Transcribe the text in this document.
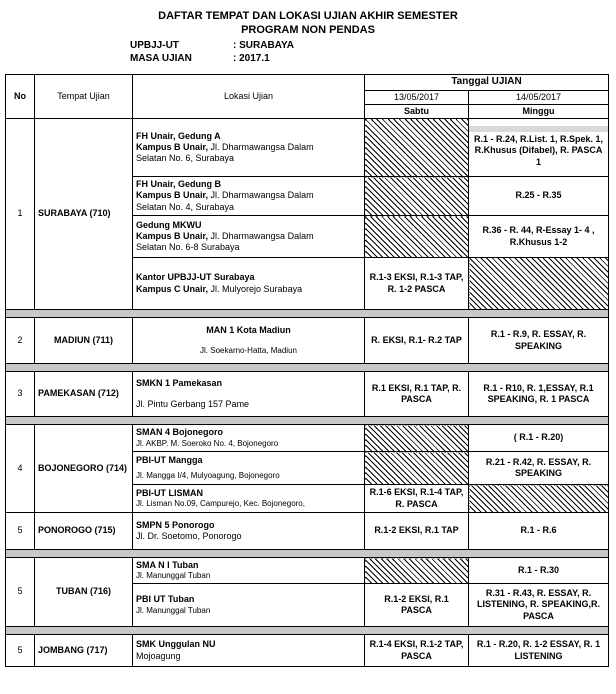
DAFTAR TEMPAT DAN LOKASI UJIAN AKHIR SEMESTER
PROGRAM NON PENDAS
UPBJJ-UT	: SURABAYA
MASA UJIAN	: 2017.1
No	Tempat Ujian	Lokasi Ujian	Tanggal UJIAN	
			13/05/2017	14/05/2017
			Sabtu	Minggu
1	SURABAYA (710)	FH Unair, Gedung A
Kampus B Unair, Jl. Dharmawangsa Dalam
Selatan No. 6, Surabaya		R.1 - R.24, R.List. 1, R.Spek. 1, R.Khusus (Difabel), R. PASCA 1

		FH Unair, Gedung B
Kampus B Unair, Jl. Dharmawangsa Dalam
Selatan No. 4, Surabaya		R.25 - R.35

		Gedung MKWU
Kampus B Unair, Jl. Dharmawangsa Dalam
Selatan No. 6-8 Surabaya		R.36 - R. 44, R-Essay 1- 4 , R.Khusus 1-2

		Kantor UPBJJ-UT Surabaya
Kampus C Unair, Jl. Mulyorejo Surabaya	R.1-3 EKSI, R.1-3 TAP, R. 1-2 PASCA	

2	MADIUN (711)	MAN 1 Kota Madiun
Jl. Soekarno-Hatta, Madiun	R. EKSI, R.1- R.2 TAP	R.1 - R.9, R. ESSAY, R. SPEAKING

3	PAMEKASAN (712)	SMKN 1 Pamekasan
Jl. Pintu Gerbang 157 Pame	R.1 EKSI, R.1 TAP, R. PASCA	R.1 - R10, R. 1,ESSAY, R.1 SPEAKING, R. 1 PASCA

4	BOJONEGORO (714)	SMAN 4 Bojonegoro
Jl. AKBP. M. Soeroko No. 4, Bojonegoro		( R.1 - R.20)

		PBI-UT Mangga
Jl. Mangga I/4, Mulyoagung, Bojonegoro		R.21 - R.42, R. ESSAY, R. SPEAKING

		PBI-UT LISMAN
Jl. Lisman No.09, Campurejo, Kec. Bojonegoro,	R.1-6 EKSI, R.1-4 TAP, R. PASCA	
5	PONOROGO (715)	SMPN 5 Ponorogo
Jl. Dr. Soetomo, Ponorogo	R.1-2 EKSI, R.1 TAP	R.1 - R.6

5	TUBAN (716)	SMA N I Tuban
Jl. Manunggal Tuban		R.1 - R.30

		PBI UT Tuban
Jl. Manunggal Tuban	R.1-2 EKSI, R.1 PASCA	R.31 - R.43, R. ESSAY, R. LISTENING, R. SPEAKING,R. PASCA

5	JOMBANG (717)	SMK Unggulan NU
Mojoagung	R.1-4 EKSI, R.1-2 TAP, PASCA	R.1 - R.20, R. 1-2 ESSAY, R. 1 LISTENING
